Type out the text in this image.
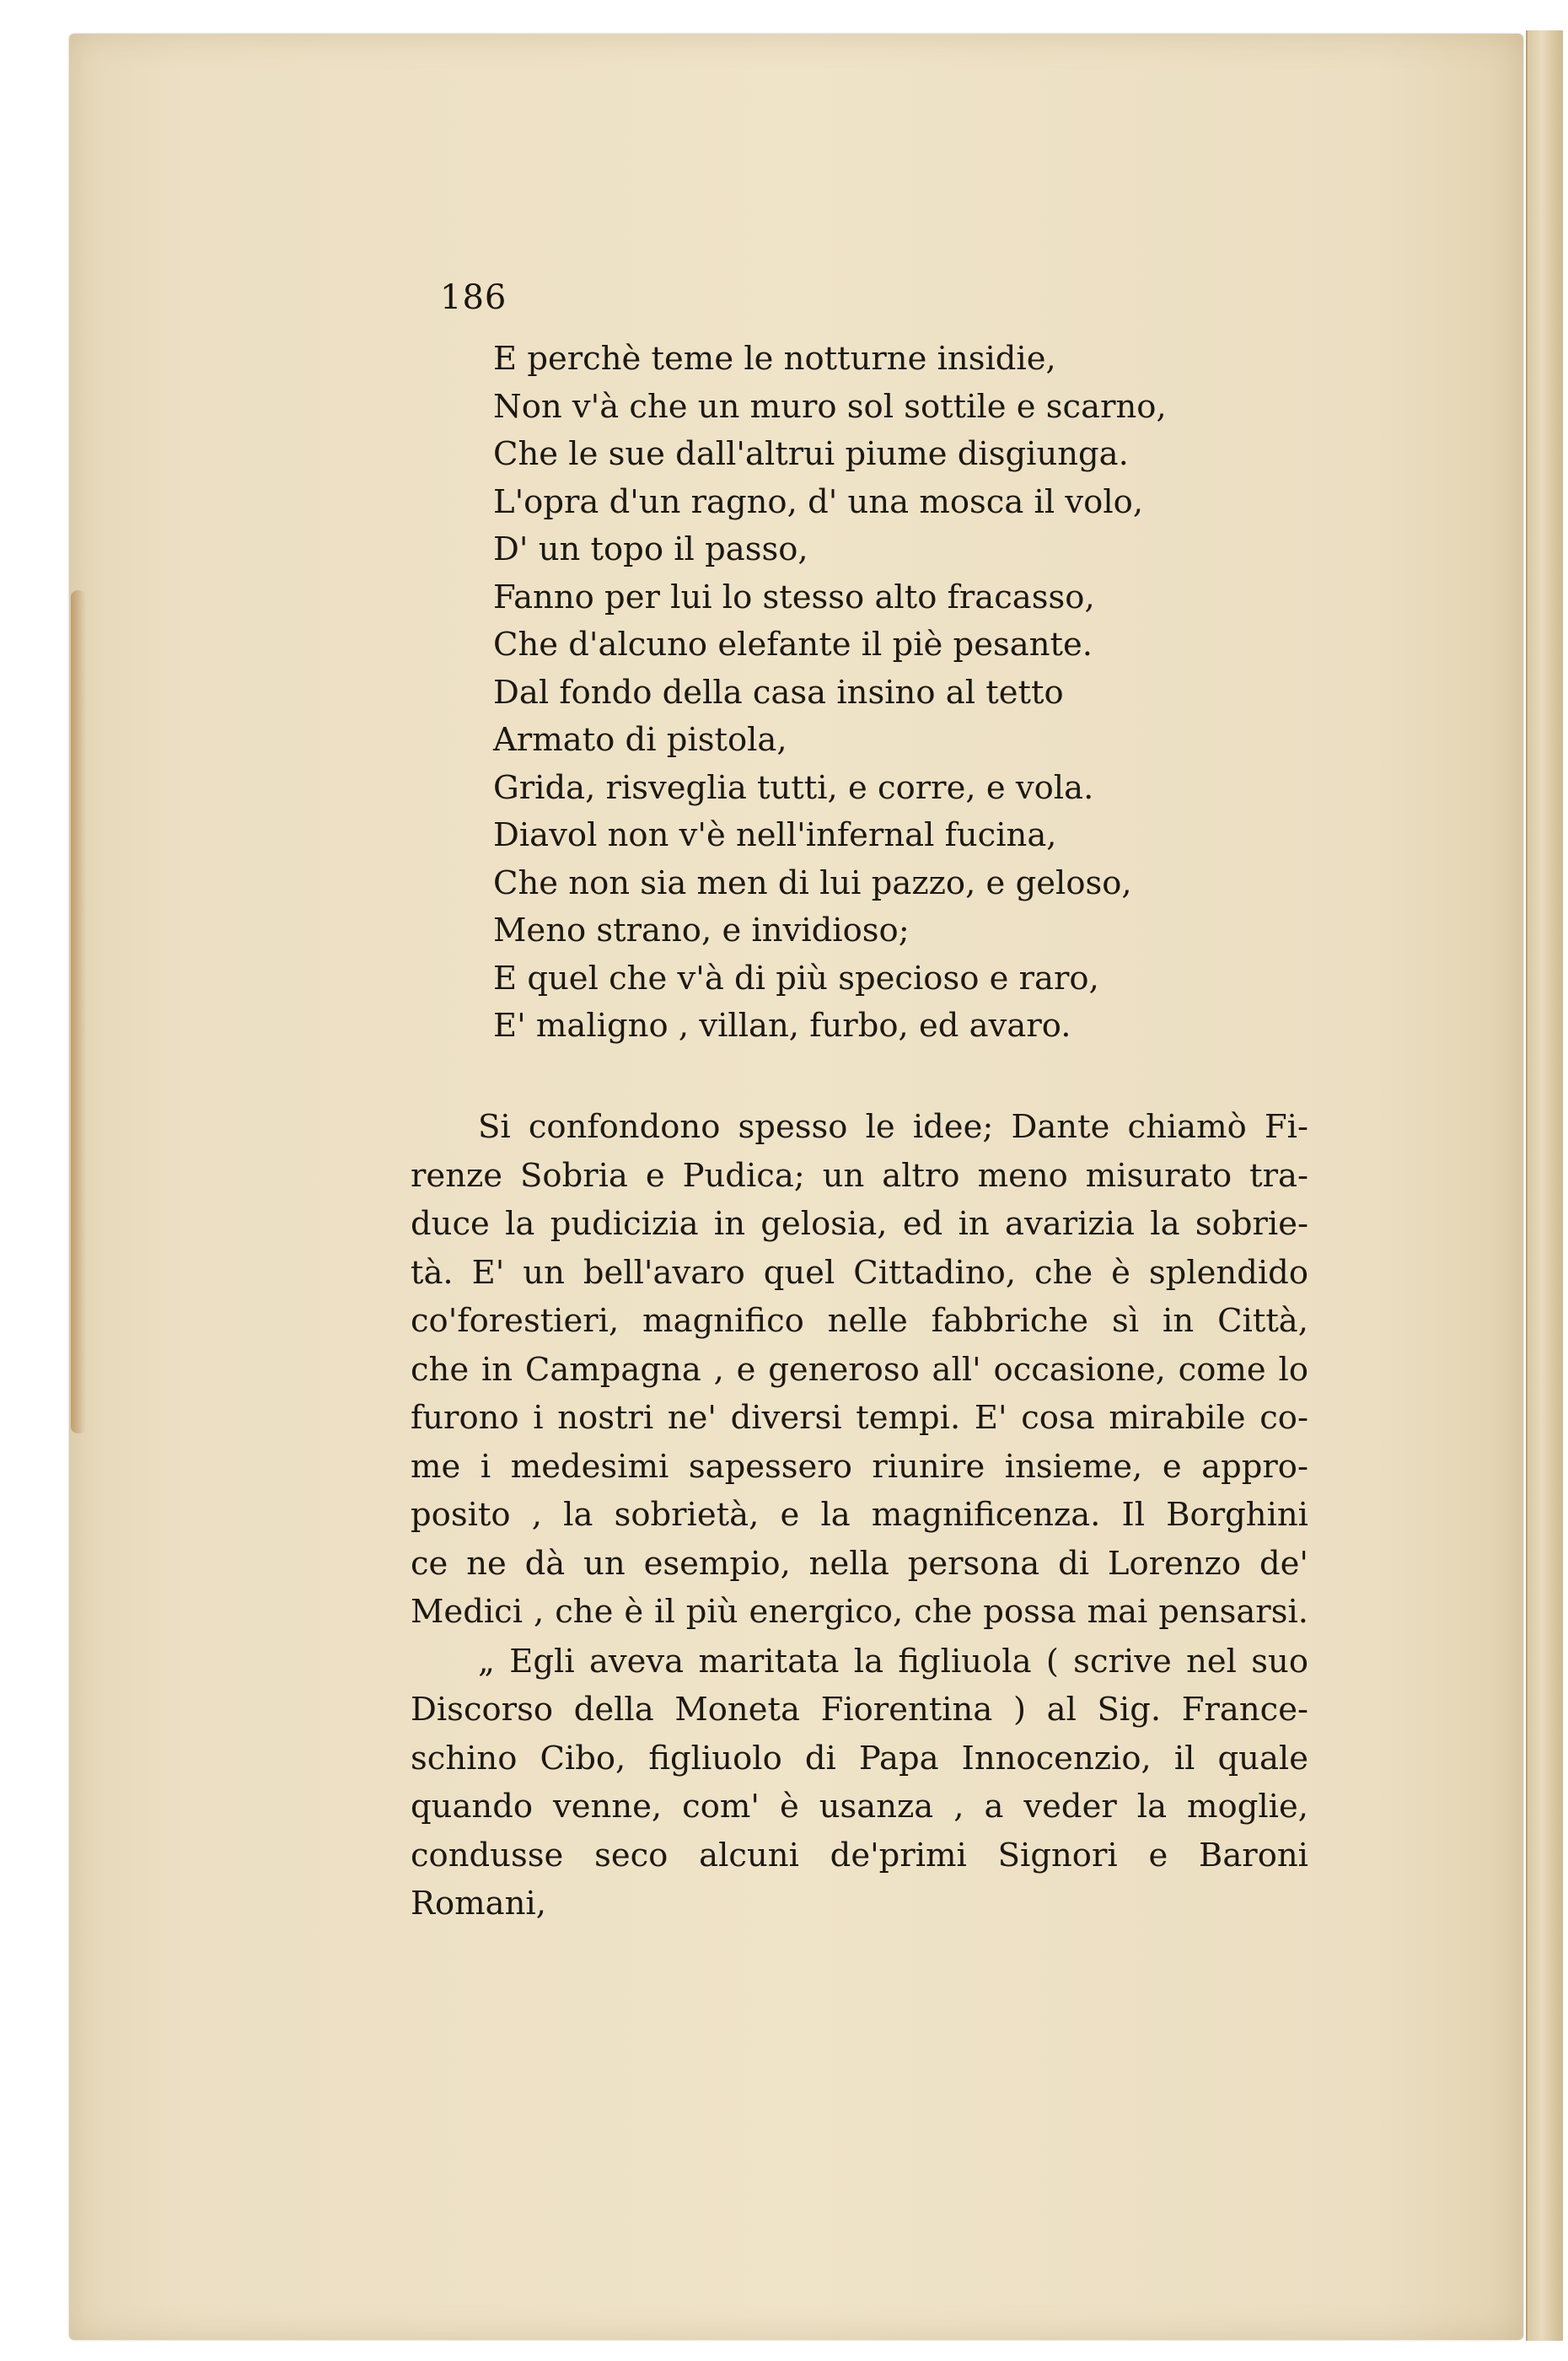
186

E perchè teme le notturne insidie,
Non v'à che un muro sol sottile e scarno,
Che le sue dall'altrui piume disgiunga.
L'opra d'un ragno, d' una mosca il volo,
D' un topo il passo,
Fanno per lui lo stesso alto fracasso,
Che d'alcuno elefante il piè pesante.
Dal fondo della casa insino al tetto
Armato di pistola,
Grida, risveglia tutti, e corre, e vola.
Diavol non v'è nell'infernal fucina,
Che non sia men di lui pazzo, e geloso,
Meno strano, e invidioso;
E quel che v'à di più specioso e raro,
E' maligno , villan, furbo, ed avaro.

Si confondono spesso le idee; Dante chiamò Fi-
renze Sobria e Pudica; un altro meno misurato tra-
duce la pudicizia in gelosia, ed in avarizia la sobrie-
tà. E' un bell'avaro quel Cittadino, che è splendido
co'forestieri, magnifico nelle fabbriche sì in Città,
che in Campagna , e generoso all' occasione, come lo
furono i nostri ne' diversi tempi. E' cosa mirabile co-
me i medesimi sapessero riunire insieme, e appro-
posito , la sobrietà, e la magnificenza. Il Borghini
ce ne dà un esempio, nella persona di Lorenzo de'
Medici , che è il più energico, che possa mai pensarsi.

„ Egli aveva maritata la figliuola ( scrive nel suo
Discorso della Moneta Fiorentina ) al Sig. France-
schino Cibo, figliuolo di Papa Innocenzio, il quale
quando venne, com' è usanza , a veder la moglie,
condusse seco alcuni de'primi Signori e Baroni Romani,
